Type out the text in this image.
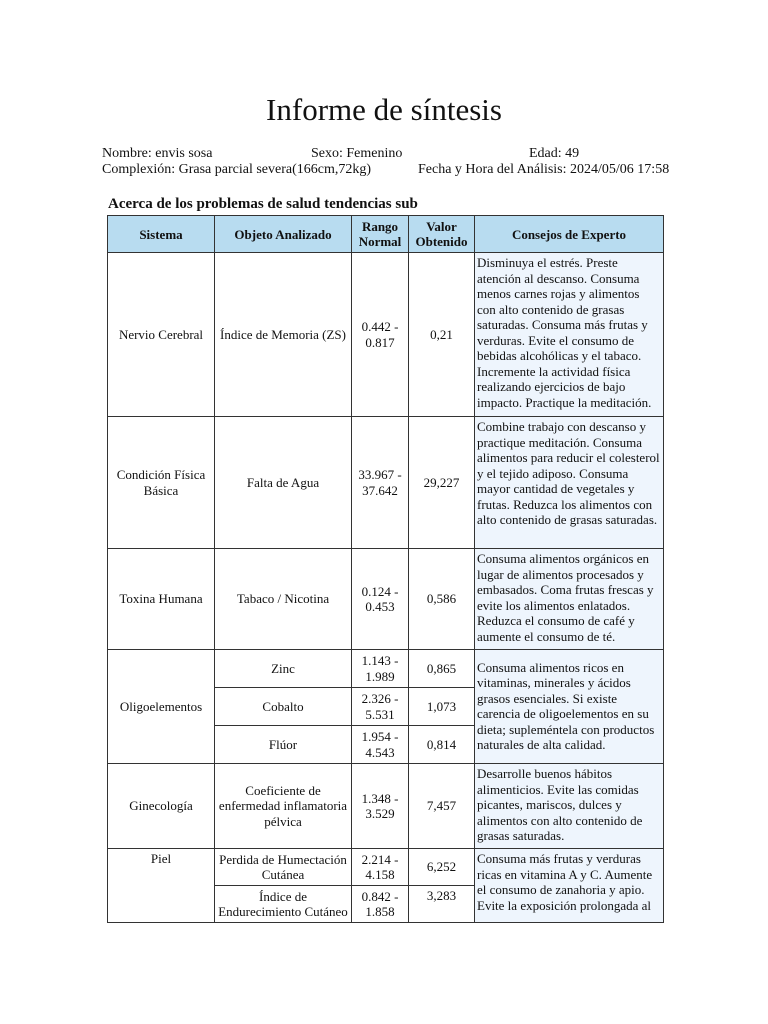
Informe de síntesis
Nombre: envis sosa	Sexo: Femenino	Edad: 49
Complexión: Grasa parcial severa(166cm,72kg)	Fecha y Hora del Análisis: 2024/05/06 17:58
Acerca de los problemas de salud tendencias sub
Sistema	Objeto Analizado	Rango Normal	Valor Obtenido	Consejos de Experto
Nervio Cerebral	Índice de Memoria (ZS)	0.442 - 0.817	0,21	Disminuya el estrés. Preste atención al descanso. Consuma menos carnes rojas y alimentos con alto contenido de grasas saturadas. Consuma más frutas y verduras. Evite el consumo de bebidas alcohólicas y el tabaco. Incremente la actividad física realizando ejercicios de bajo impacto. Practique la meditación.
Condición Física Básica	Falta de Agua	33.967 - 37.642	29,227	Combine trabajo con descanso y practique meditación. Consuma alimentos para reducir el colesterol y el tejido adiposo. Consuma mayor cantidad de vegetales y frutas. Reduzca los alimentos con alto contenido de grasas saturadas.
Toxina Humana	Tabaco / Nicotina	0.124 - 0.453	0,586	Consuma alimentos orgánicos en lugar de alimentos procesados y embasados. Coma frutas frescas y evite los alimentos enlatados. Reduzca el consumo de café y aumente el consumo de té.
Oligoelementos	Zinc	1.143 - 1.989	0,865	Consuma alimentos ricos en vitaminas, minerales y ácidos grasos esenciales. Si existe carencia de oligoelementos en su dieta; supleméntela con productos naturales de alta calidad.
	Cobalto	2.326 - 5.531	1,073	
	Flúor	1.954 - 4.543	0,814	
Ginecología	Coeficiente de enfermedad inflamatoria pélvica	1.348 - 3.529	7,457	Desarrolle buenos hábitos alimenticios. Evite las comidas picantes, mariscos, dulces y alimentos con alto contenido de grasas saturadas.
Piel	Perdida de Humectación Cutánea	2.214 - 4.158	6,252	Consuma más frutas y verduras ricas en vitamina A y C. Aumente el consumo de zanahoria y apio. Evite la exposición prolongada al
	Índice de Endurecimiento Cutáneo	0.842 - 1.858	3,283	
